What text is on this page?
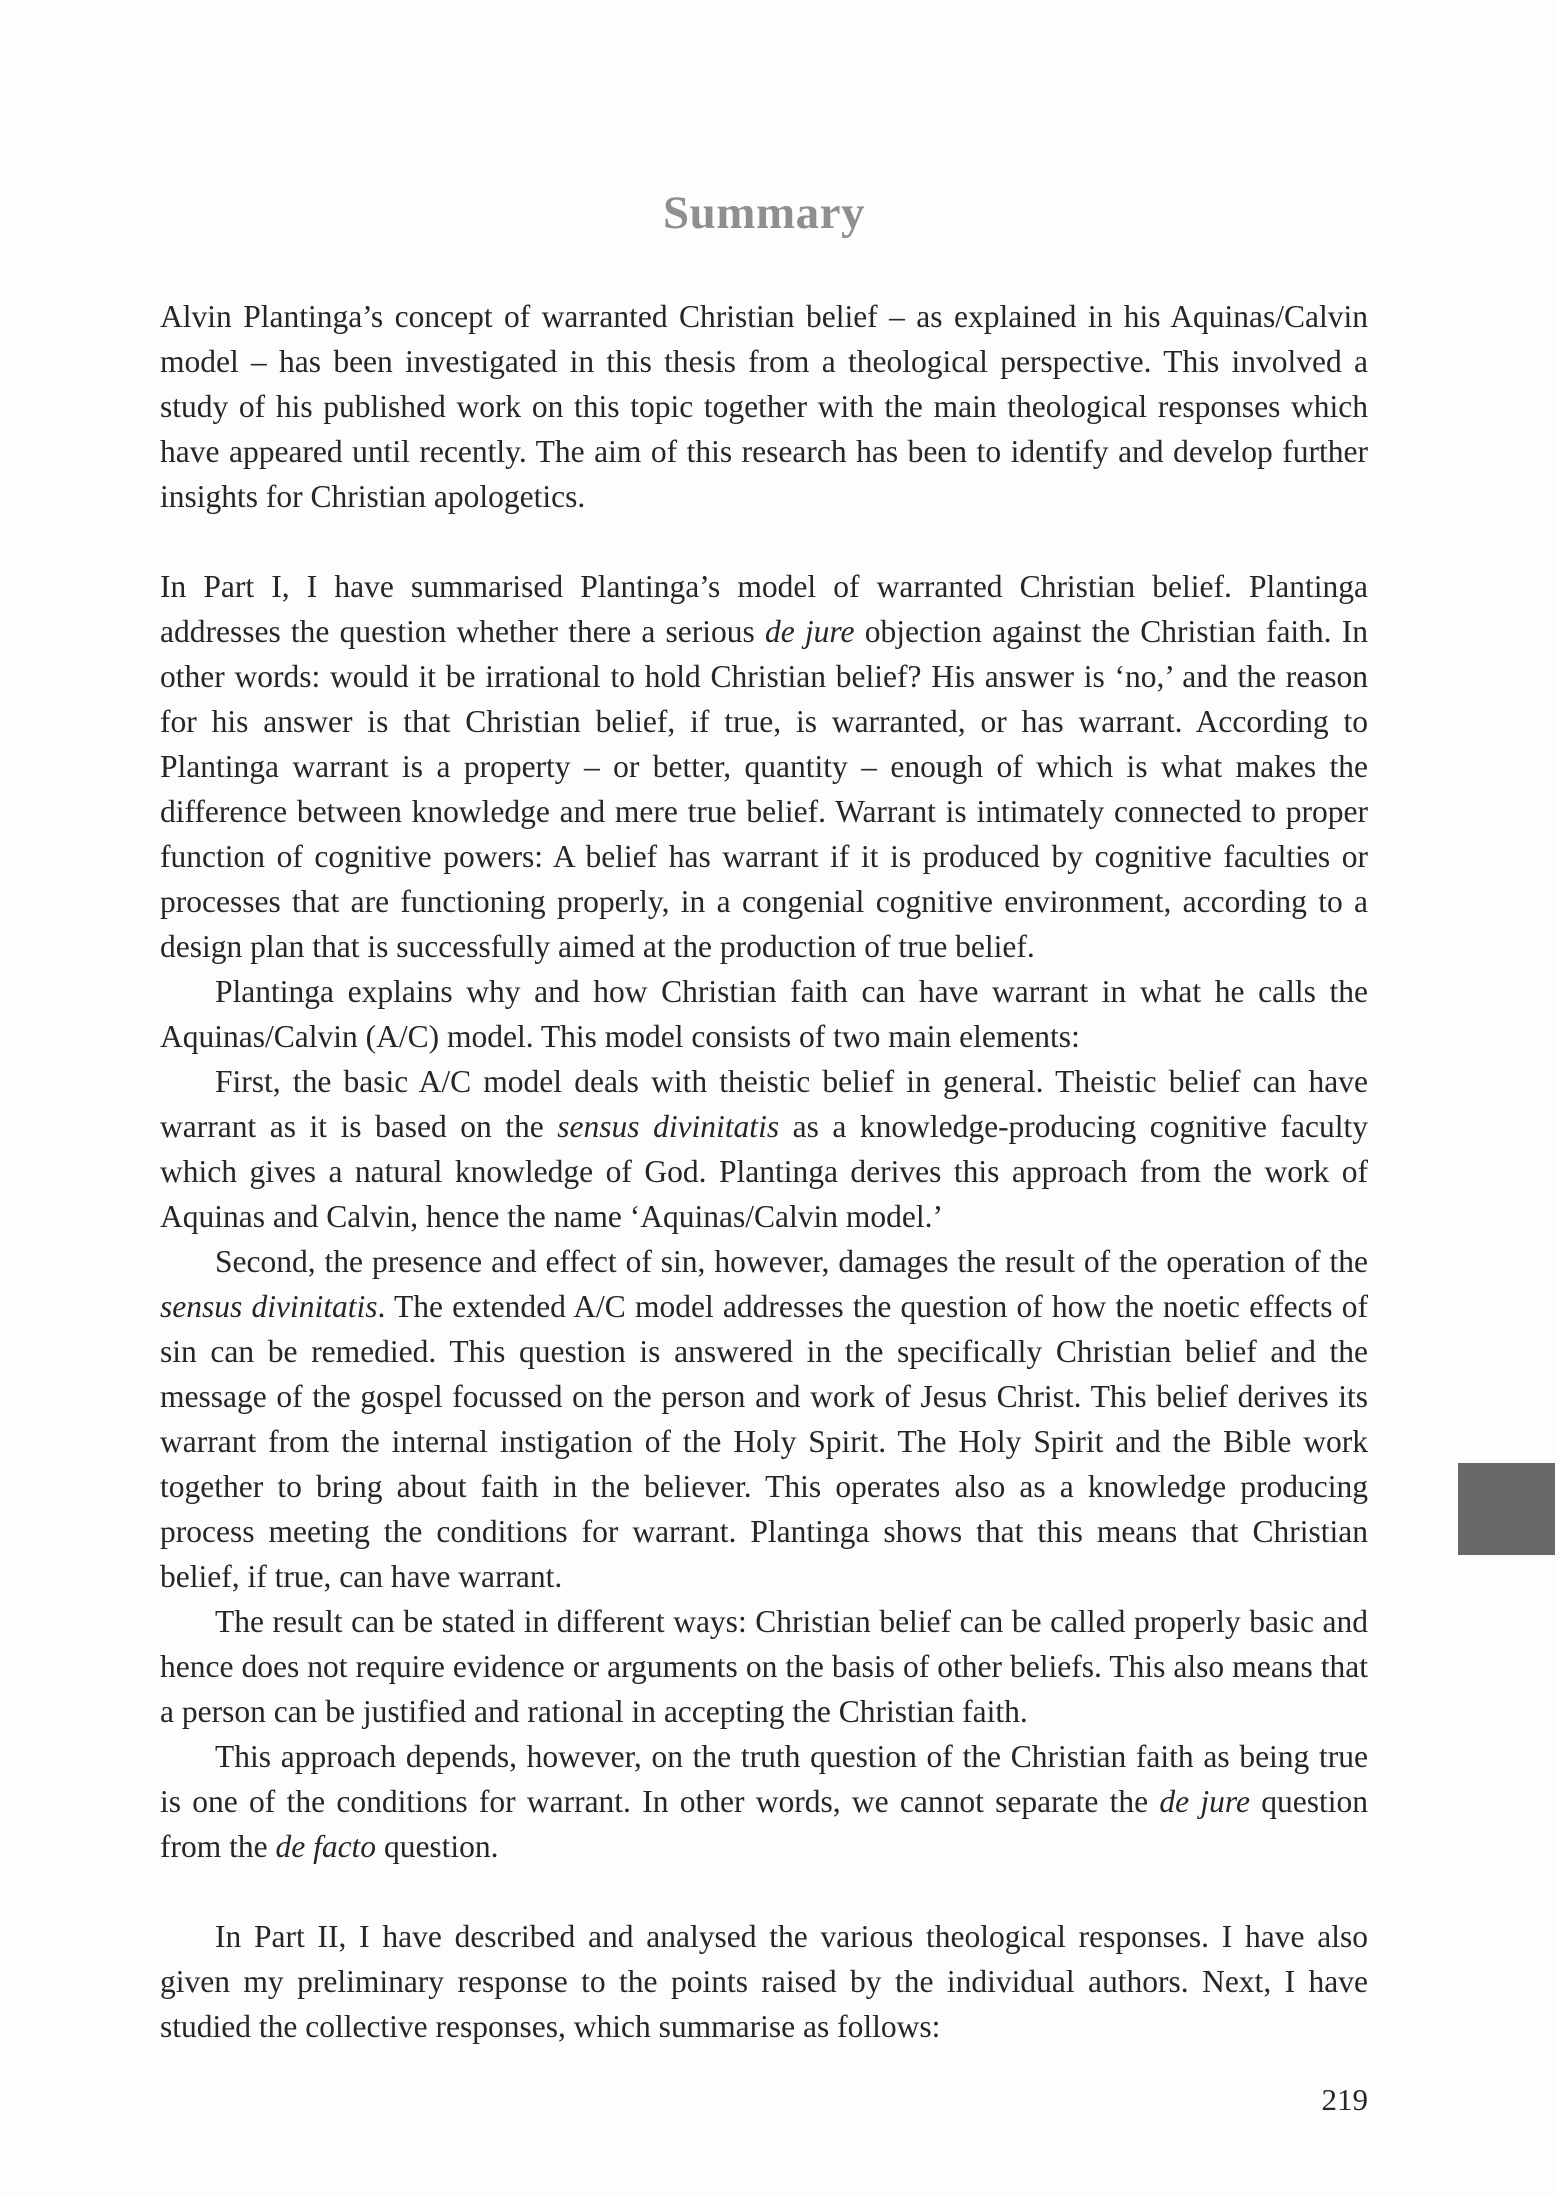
Summary

Alvin Plantinga’s concept of warranted Christian belief – as explained in his Aquinas/Calvin model – has been investigated in this thesis from a theological perspective. This involved a study of his published work on this topic together with the main theological responses which have appeared until recently. The aim of this research has been to identify and develop further insights for Christian apologetics.

In Part I, I have summarised Plantinga’s model of warranted Christian belief. Plantinga addresses the question whether there a serious de jure objection against the Christian faith. In other words: would it be irrational to hold Christian belief? His answer is ‘no,’ and the reason for his answer is that Christian belief, if true, is warranted, or has warrant. According to Plantinga warrant is a property – or better, quantity – enough of which is what makes the difference between knowledge and mere true belief. Warrant is intimately connected to proper function of cognitive powers: A belief has warrant if it is produced by cognitive faculties or processes that are functioning properly, in a congenial cognitive environment, according to a design plan that is successfully aimed at the production of true belief.

Plantinga explains why and how Christian faith can have warrant in what he calls the Aquinas/Calvin (A/C) model. This model consists of two main elements:

First, the basic A/C model deals with theistic belief in general. Theistic belief can have warrant as it is based on the sensus divinitatis as a knowledge-producing cognitive faculty which gives a natural knowledge of God. Plantinga derives this approach from the work of Aquinas and Calvin, hence the name ‘Aquinas/Calvin model.’

Second, the presence and effect of sin, however, damages the result of the operation of the sensus divinitatis. The extended A/C model addresses the question of how the noetic effects of sin can be remedied. This question is answered in the specifically Christian belief and the message of the gospel focussed on the person and work of Jesus Christ. This belief derives its warrant from the internal instigation of the Holy Spirit. The Holy Spirit and the Bible work together to bring about faith in the believer. This operates also as a knowledge producing process meeting the conditions for warrant. Plantinga shows that this means that Christian belief, if true, can have warrant.

The result can be stated in different ways: Christian belief can be called properly basic and hence does not require evidence or arguments on the basis of other beliefs. This also means that a person can be justified and rational in accepting the Christian faith.

This approach depends, however, on the truth question of the Christian faith as being true is one of the conditions for warrant. In other words, we cannot separate the de jure question from the de facto question.

In Part II, I have described and analysed the various theological responses. I have also given my preliminary response to the points raised by the individual authors. Next, I have studied the collective responses, which summarise as follows:

219
